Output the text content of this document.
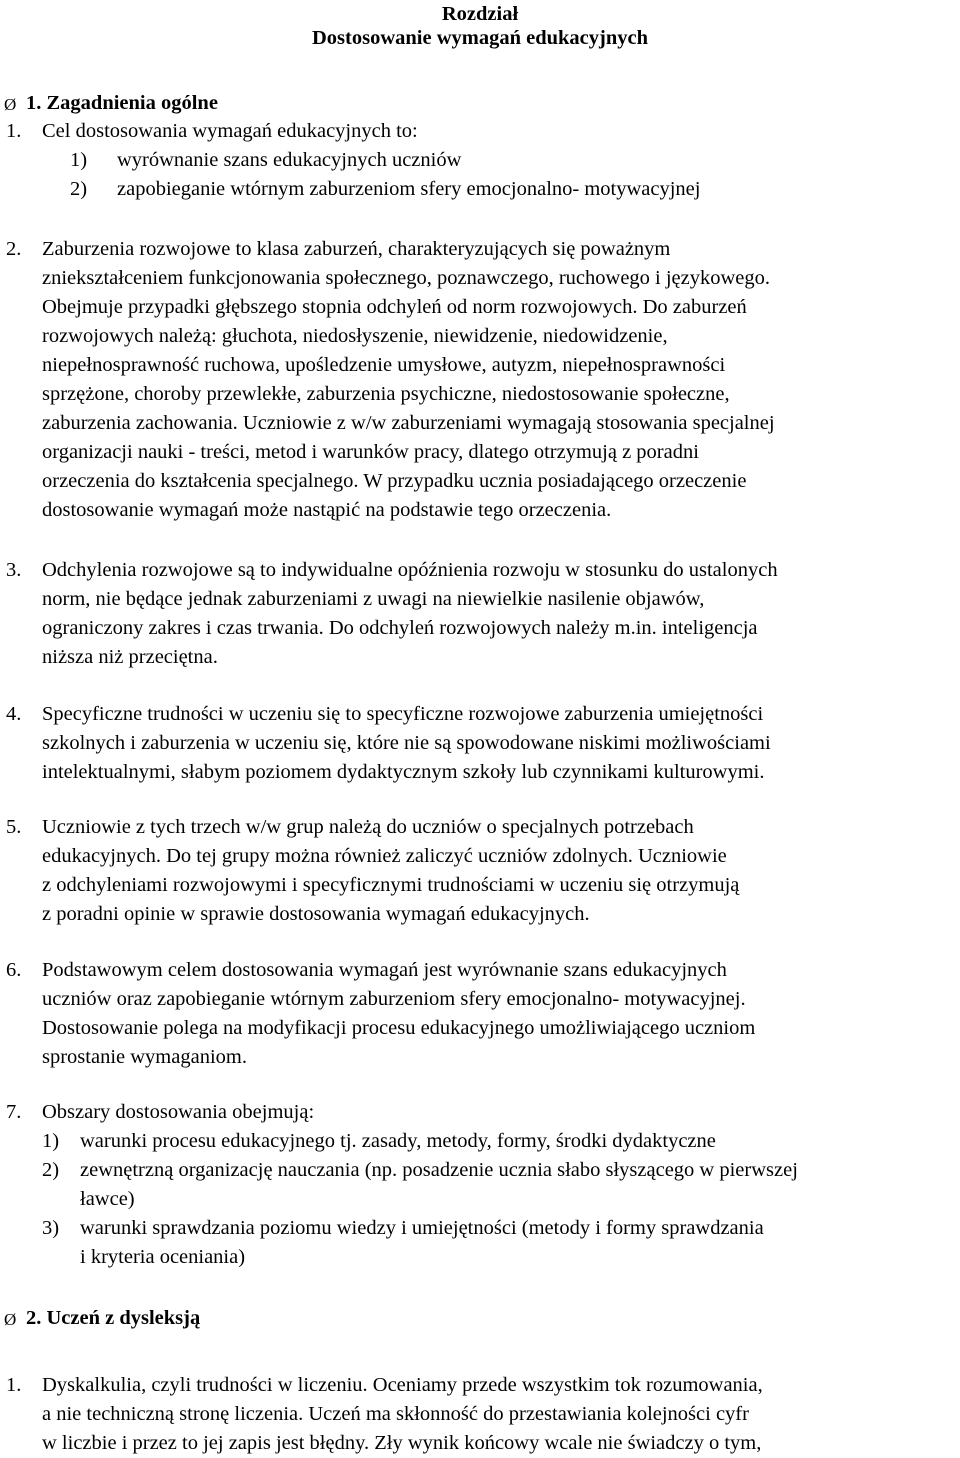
Rozdział
Dostosowanie wymagań edukacyjnych
Ø 1. Zagadnienia ogólne
1. Cel dostosowania wymagań edukacyjnych to:
1) wyrównanie szans edukacyjnych uczniów
2) zapobieganie wtórnym zaburzeniom sfery emocjonalno- motywacyjnej
2. Zaburzenia rozwojowe to klasa zaburzeń, charakteryzujących się poważnym
zniekształceniem funkcjonowania społecznego, poznawczego, ruchowego i językowego.
Obejmuje przypadki głębszego stopnia odchyleń od norm rozwojowych. Do zaburzeń
rozwojowych należą: głuchota, niedosłyszenie, niewidzenie, niedowidzenie,
niepełnosprawność ruchowa, upośledzenie umysłowe, autyzm, niepełnosprawności
sprzężone, choroby przewlekłe, zaburzenia psychiczne, niedostosowanie społeczne,
zaburzenia zachowania. Uczniowie z w/w zaburzeniami wymagają stosowania specjalnej
organizacji nauki - treści, metod i warunków pracy, dlatego otrzymują z poradni
orzeczenia do kształcenia specjalnego. W przypadku ucznia posiadającego orzeczenie
dostosowanie wymagań może nastąpić na podstawie tego orzeczenia.
3. Odchylenia rozwojowe są to indywidualne opóźnienia rozwoju w stosunku do ustalonych
norm, nie będące jednak zaburzeniami z uwagi na niewielkie nasilenie objawów,
ograniczony zakres i czas trwania. Do odchyleń rozwojowych należy m.in. inteligencja
niższa niż przeciętna.
4. Specyficzne trudności w uczeniu się to specyficzne rozwojowe zaburzenia umiejętności
szkolnych i zaburzenia w uczeniu się, które nie są spowodowane niskimi możliwościami
intelektualnymi, słabym poziomem dydaktycznym szkoły lub czynnikami kulturowymi.
5. Uczniowie z tych trzech w/w grup należą do uczniów o specjalnych potrzebach
edukacyjnych. Do tej grupy można również zaliczyć uczniów zdolnych. Uczniowie
z odchyleniami rozwojowymi i specyficznymi trudnościami w uczeniu się otrzymują
z poradni opinie w sprawie dostosowania wymagań edukacyjnych.
6. Podstawowym celem dostosowania wymagań jest wyrównanie szans edukacyjnych
uczniów oraz zapobieganie wtórnym zaburzeniom sfery emocjonalno- motywacyjnej.
Dostosowanie polega na modyfikacji procesu edukacyjnego umożliwiającego uczniom
sprostanie wymaganiom.
7. Obszary dostosowania obejmują:
1) warunki procesu edukacyjnego tj. zasady, metody, formy, środki dydaktyczne
2) zewnętrzną organizację nauczania (np. posadzenie ucznia słabo słyszącego w pierwszej
ławce)
3) warunki sprawdzania poziomu wiedzy i umiejętności (metody i formy sprawdzania
i kryteria oceniania)
Ø 2. Uczeń z dysleksją
1. Dyskalkulia, czyli trudności w liczeniu. Oceniamy przede wszystkim tok rozumowania,
a nie techniczną stronę liczenia. Uczeń ma skłonność do przestawiania kolejności cyfr
w liczbie i przez to jej zapis jest błędny. Zły wynik końcowy wcale nie świadczy o tym,
